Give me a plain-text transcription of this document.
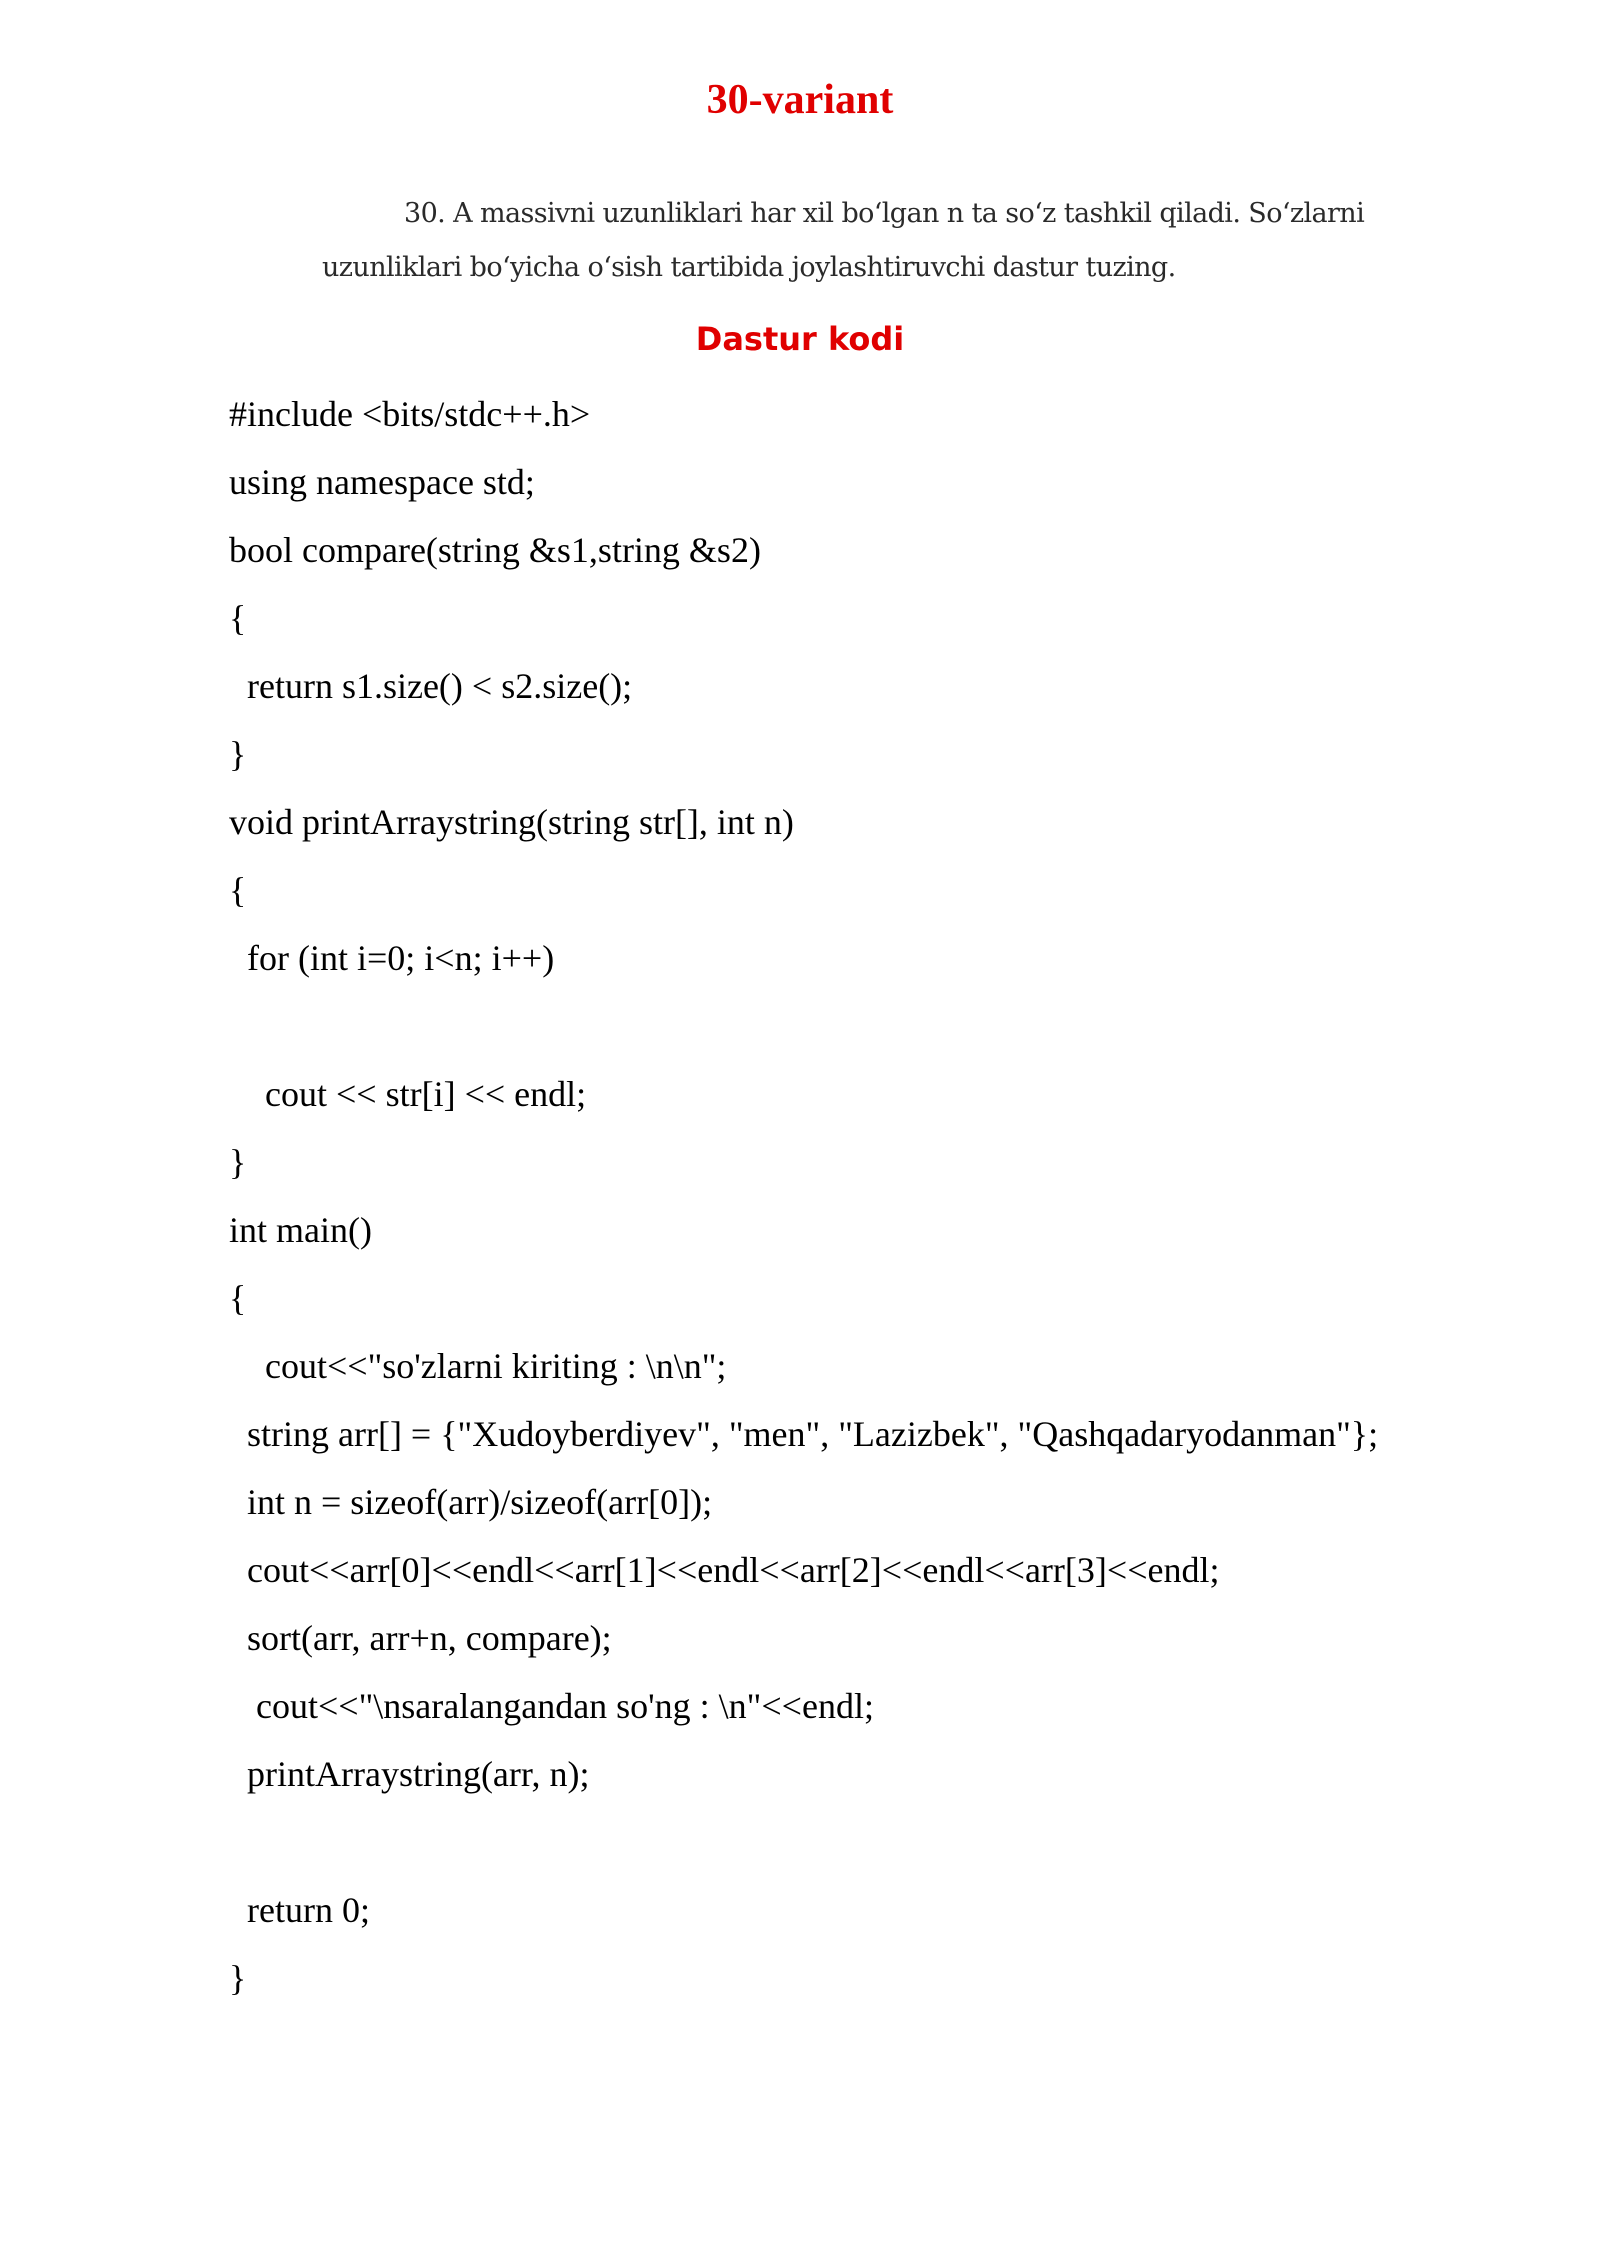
30-variant
30. A massivni uzunliklari har xil bo‘lgan n ta so‘z tashkil qiladi. So‘zlarni
uzunliklari bo‘yicha o‘sish tartibida joylashtiruvchi dastur tuzing.
Dastur kodi
#include <bits/stdc++.h>
using namespace std;
bool compare(string &s1,string &s2)
{
return s1.size() < s2.size();
}
void printArraystring(string str[], int n)
{
for (int i=0; i<n; i++)
cout << str[i] << endl;
}
int main()
{
cout<<"so'zlarni kiriting : \n\n";
string arr[] = {"Xudoyberdiyev", "men", "Lazizbek", "Qashqadaryodanman"};
int n = sizeof(arr)/sizeof(arr[0]);
cout<<arr[0]<<endl<<arr[1]<<endl<<arr[2]<<endl<<arr[3]<<endl;
sort(arr, arr+n, compare);
cout<<"\nsaralangandan so'ng : \n"<<endl;
printArraystring(arr, n);
return 0;
}
